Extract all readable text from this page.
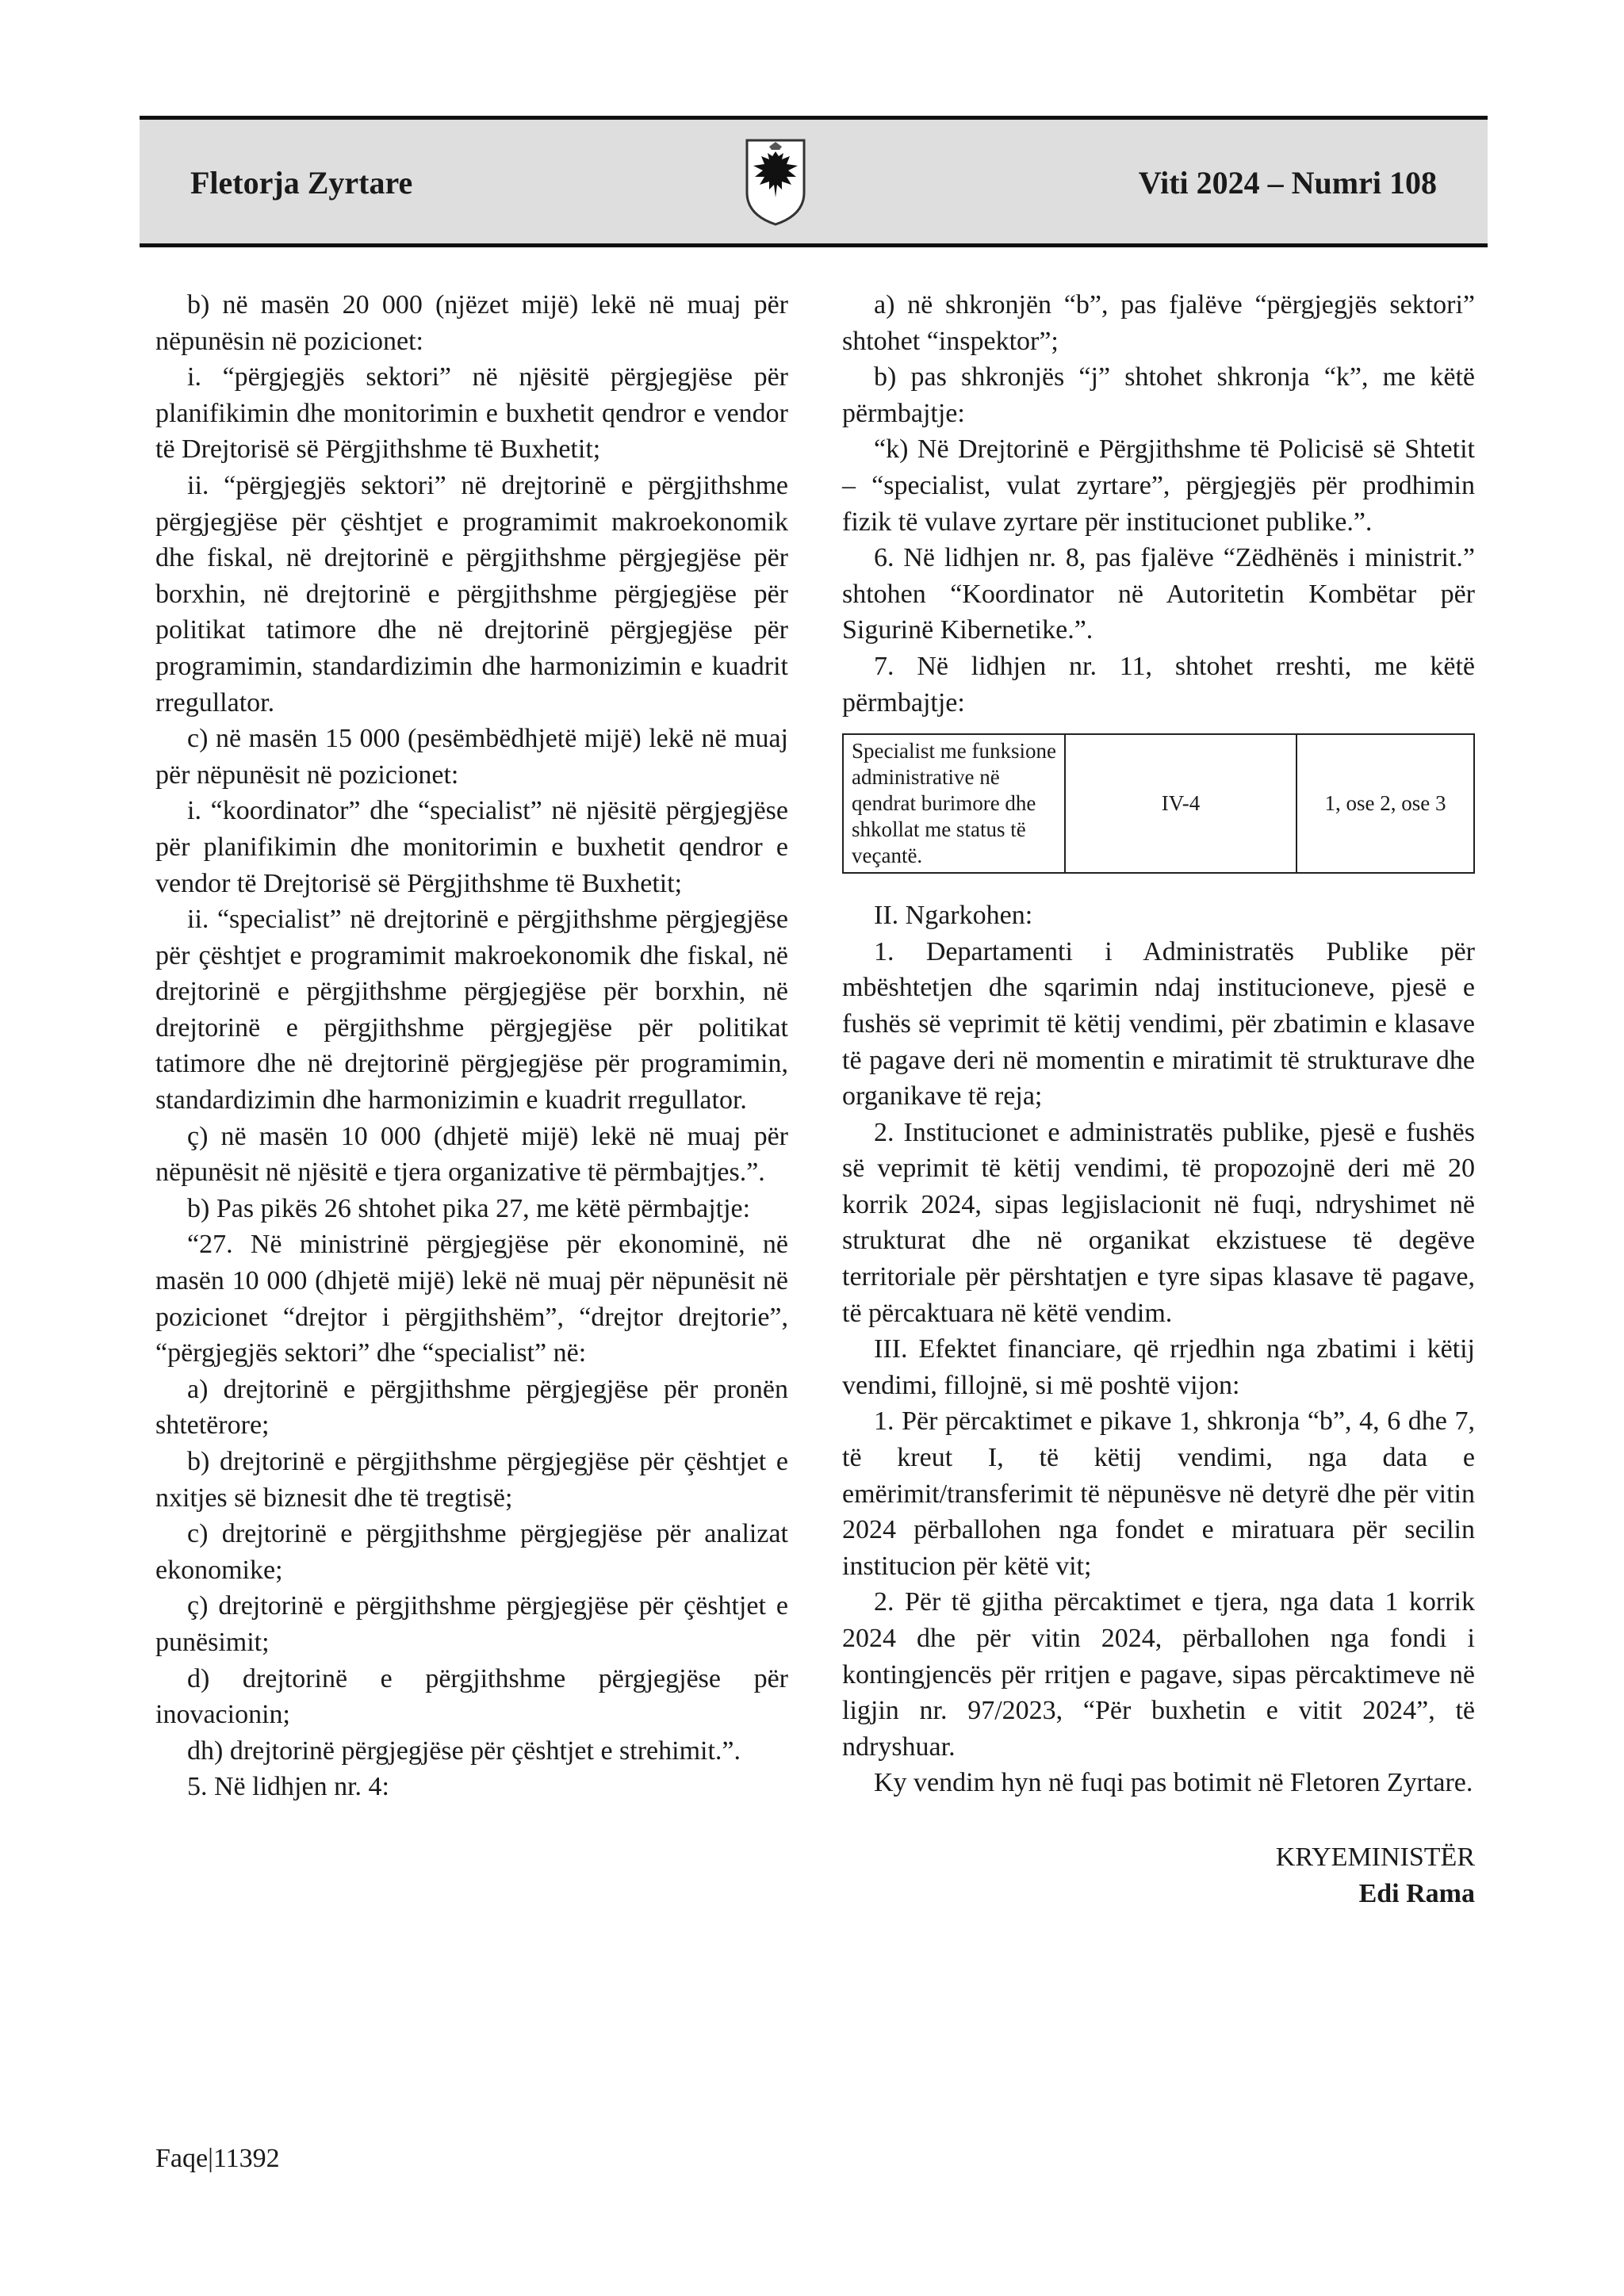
Fletorja Zyrtare	Viti 2024 – Numri 108

b) në masën 20 000 (njëzet mijë) lekë në muaj për nëpunësin në pozicionet:

i. “përgjegjës sektori” në njësitë përgjegjëse për planifikimin dhe monitorimin e buxhetit qendror e vendor të Drejtorisë së Përgjithshme të Buxhetit;

ii. “përgjegjës sektori” në drejtorinë e përgjithshme përgjegjëse për çështjet e programimit makroekonomik dhe fiskal, në drejtorinë e përgjithshme përgjegjëse për borxhin, në drejtorinë e përgjithshme përgjegjëse për politikat tatimore dhe në drejtorinë përgjegjëse për programimin, standardizimin dhe harmonizimin e kuadrit rregullator.

c) në masën 15 000 (pesëmbëdhjetë mijë) lekë në muaj për nëpunësit në pozicionet:

i. “koordinator” dhe “specialist” në njësitë përgjegjëse për planifikimin dhe monitorimin e buxhetit qendror e vendor të Drejtorisë së Përgjithshme të Buxhetit;

ii. “specialist” në drejtorinë e përgjithshme përgjegjëse për çështjet e programimit makroekonomik dhe fiskal, në drejtorinë e përgjithshme përgjegjëse për borxhin, në drejtorinë e përgjithshme përgjegjëse për politikat tatimore dhe në drejtorinë përgjegjëse për programimin, standardizimin dhe harmonizimin e kuadrit rregullator.

ç) në masën 10 000 (dhjetë mijë) lekë në muaj për nëpunësit në njësitë e tjera organizative të përmbajtjes.”.

b) Pas pikës 26 shtohet pika 27, me këtë përmbajtje:

“27. Në ministrinë përgjegjëse për ekonominë, në masën 10 000 (dhjetë mijë) lekë në muaj për nëpunësit në pozicionet “drejtor i përgjithshëm”, “drejtor drejtorie”, “përgjegjës sektori” dhe “specialist” në:

a) drejtorinë e përgjithshme përgjegjëse për pronën shtetërore;

b) drejtorinë e përgjithshme përgjegjëse për çështjet e nxitjes së biznesit dhe të tregtisë;

c) drejtorinë e përgjithshme përgjegjëse për analizat ekonomike;

ç) drejtorinë e përgjithshme përgjegjëse për çështjet e punësimit;

d) drejtorinë e përgjithshme përgjegjëse për inovacionin;

dh) drejtorinë përgjegjëse për çështjet e strehimit.”.

5. Në lidhjen nr. 4:

a) në shkronjën “b”, pas fjalëve “përgjegjës sektori” shtohet “inspektor”;

b) pas shkronjës “j” shtohet shkronja “k”, me këtë përmbajtje:

“k) Në Drejtorinë e Përgjithshme të Policisë së Shtetit – “specialist, vulat zyrtare”, përgjegjës për prodhimin fizik të vulave zyrtare për institucionet publike.”.

6. Në lidhjen nr. 8, pas fjalëve “Zëdhënës i ministrit.” shtohen “Koordinator në Autoritetin Kombëtar për Sigurinë Kibernetike.”.

7. Në lidhjen nr. 11, shtohet rreshti, me këtë përmbajtje:

Specialist me funksione administrative në qendrat burimore dhe shkollat me status të veçantë.	IV-4	1, ose 2, ose 3

II. Ngarkohen:

1. Departamenti i Administratës Publike për mbështetjen dhe sqarimin ndaj institucioneve, pjesë e fushës së veprimit të këtij vendimi, për zbatimin e klasave të pagave deri në momentin e miratimit të strukturave dhe organikave të reja;

2. Institucionet e administratës publike, pjesë e fushës së veprimit të këtij vendimi, të propozojnë deri më 20 korrik 2024, sipas legjislacionit në fuqi, ndryshimet në strukturat dhe në organikat ekzistuese të degëve territoriale për përshtatjen e tyre sipas klasave të pagave, të përcaktuara në këtë vendim.

III. Efektet financiare, që rrjedhin nga zbatimi i këtij vendimi, fillojnë, si më poshtë vijon:

1. Për përcaktimet e pikave 1, shkronja “b”, 4, 6 dhe 7, të kreut I, të këtij vendimi, nga data e emërimit/transferimit të nëpunësve në detyrë dhe për vitin 2024 përballohen nga fondet e miratuara për secilin institucion për këtë vit;

2. Për të gjitha përcaktimet e tjera, nga data 1 korrik 2024 dhe për vitin 2024, përballohen nga fondi i kontingjencës për rritjen e pagave, sipas përcaktimeve në ligjin nr. 97/2023, “Për buxhetin e vitit 2024”, të ndryshuar.

Ky vendim hyn në fuqi pas botimit në Fletoren Zyrtare.

KRYEMINISTËR
Edi Rama
Faqe|11392
